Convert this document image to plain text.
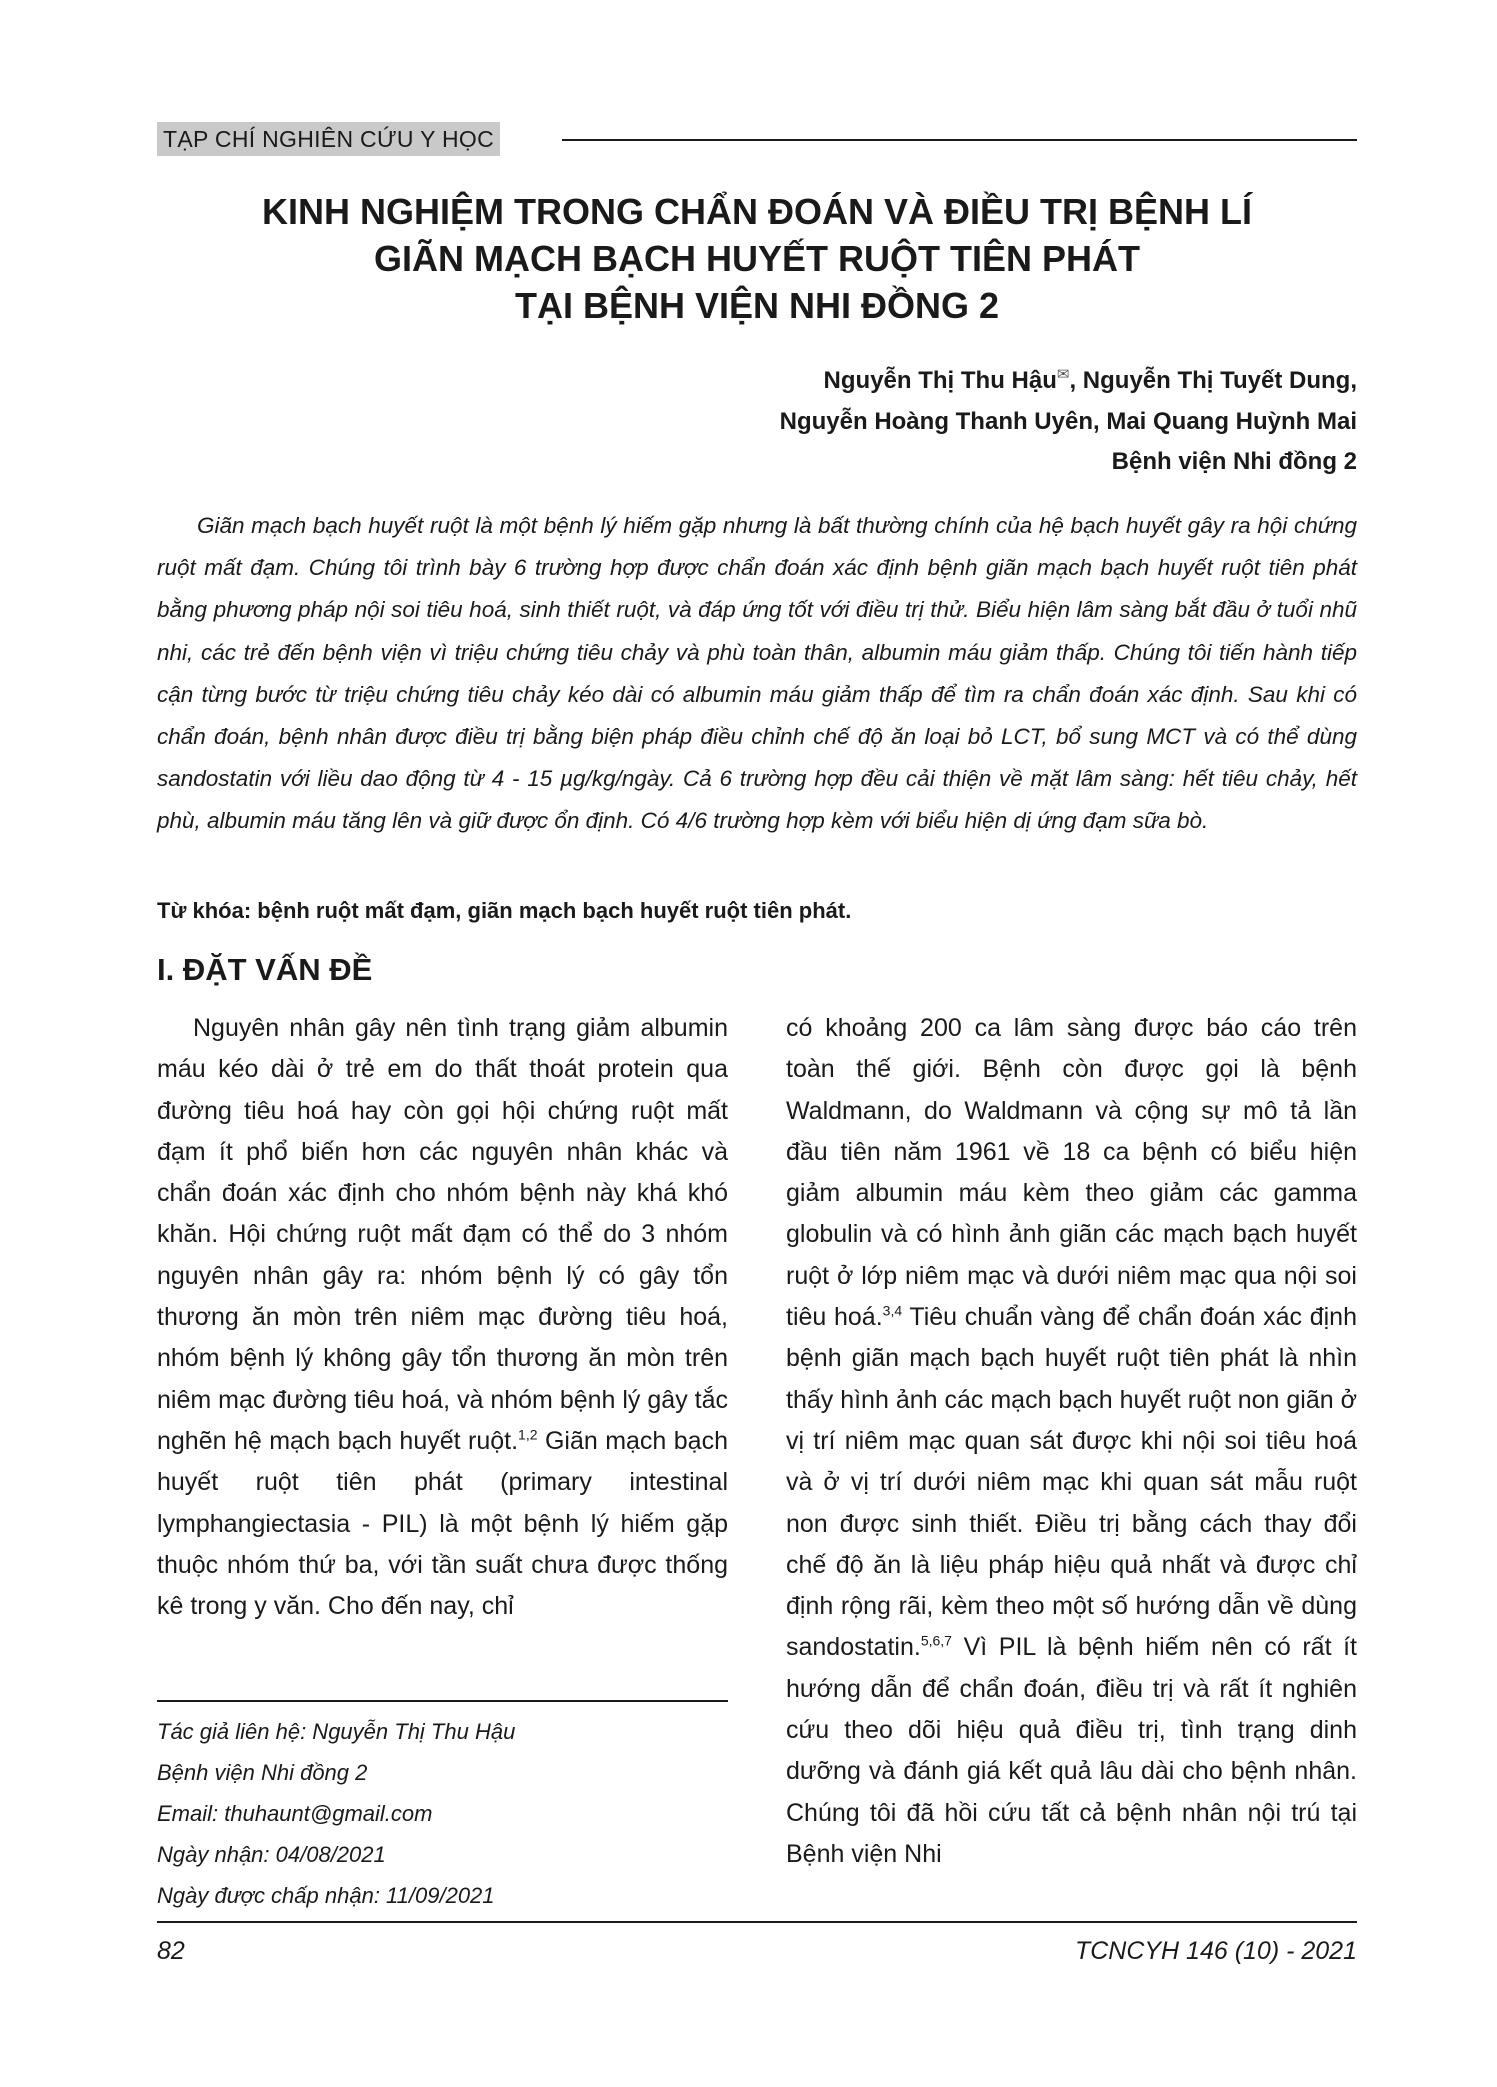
TẠP CHÍ NGHIÊN CỨU Y HỌC
KINH NGHIỆM TRONG CHẨN ĐOÁN VÀ ĐIỀU TRỊ BỆNH LÍ
GIÃN MẠCH BẠCH HUYẾT RUỘT TIÊN PHÁT
TẠI BỆNH VIỆN NHI ĐỒNG 2
Nguyễn Thị Thu Hậu✉, Nguyễn Thị Tuyết Dung,
Nguyễn Hoàng Thanh Uyên, Mai Quang Huỳnh Mai
Bệnh viện Nhi đồng 2

Giãn mạch bạch huyết ruột là một bệnh lý hiếm gặp nhưng là bất thường chính của hệ bạch huyết gây ra hội chứng ruột mất đạm. Chúng tôi trình bày 6 trường hợp được chẩn đoán xác định bệnh giãn mạch bạch huyết ruột tiên phát bằng phương pháp nội soi tiêu hoá, sinh thiết ruột, và đáp ứng tốt với điều trị thử. Biểu hiện lâm sàng bắt đầu ở tuổi nhũ nhi, các trẻ đến bệnh viện vì triệu chứng tiêu chảy và phù toàn thân, albumin máu giảm thấp. Chúng tôi tiến hành tiếp cận từng bước từ triệu chứng tiêu chảy kéo dài có albumin máu giảm thấp để tìm ra chẩn đoán xác định. Sau khi có chẩn đoán, bệnh nhân được điều trị bằng biện pháp điều chỉnh chế độ ăn loại bỏ LCT, bổ sung MCT và có thể dùng sandostatin với liều dao động từ 4 - 15 µg/kg/ngày. Cả 6 trường hợp đều cải thiện về mặt lâm sàng: hết tiêu chảy, hết phù, albumin máu tăng lên và giữ được ổn định. Có 4/6 trường hợp kèm với biểu hiện dị ứng đạm sữa bò.

Từ khóa: bệnh ruột mất đạm, giãn mạch bạch huyết ruột tiên phát.
I. ĐẶT VẤN ĐỀ

Nguyên nhân gây nên tình trạng giảm albumin máu kéo dài ở trẻ em do thất thoát protein qua đường tiêu hoá hay còn gọi hội chứng ruột mất đạm ít phổ biến hơn các nguyên nhân khác và chẩn đoán xác định cho nhóm bệnh này khá khó khăn. Hội chứng ruột mất đạm có thể do 3 nhóm nguyên nhân gây ra: nhóm bệnh lý có gây tổn thương ăn mòn trên niêm mạc đường tiêu hoá, nhóm bệnh lý không gây tổn thương ăn mòn trên niêm mạc đường tiêu hoá, và nhóm bệnh lý gây tắc nghẽn hệ mạch bạch huyết ruột.$^{1,2}$ Giãn mạch bạch huyết ruột tiên phát (primary intestinal lymphangiectasia - PIL) là một bệnh lý hiếm gặp thuộc nhóm thứ ba, với tần suất chưa được thống kê trong y văn. Cho đến nay, chỉ

có khoảng 200 ca lâm sàng được báo cáo trên toàn thế giới. Bệnh còn được gọi là bệnh Waldmann, do Waldmann và cộng sự mô tả lần đầu tiên năm 1961 về 18 ca bệnh có biểu hiện giảm albumin máu kèm theo giảm các gamma globulin và có hình ảnh giãn các mạch bạch huyết ruột ở lớp niêm mạc và dưới niêm mạc qua nội soi tiêu hoá.$^{3,4}$ Tiêu chuẩn vàng để chẩn đoán xác định bệnh giãn mạch bạch huyết ruột tiên phát là nhìn thấy hình ảnh các mạch bạch huyết ruột non giãn ở vị trí niêm mạc quan sát được khi nội soi tiêu hoá và ở vị trí dưới niêm mạc khi quan sát mẫu ruột non được sinh thiết. Điều trị bằng cách thay đổi chế độ ăn là liệu pháp hiệu quả nhất và được chỉ định rộng rãi, kèm theo một số hướng dẫn về dùng sandostatin.$^{5,6,7}$ Vì PIL là bệnh hiếm nên có rất ít hướng dẫn để chẩn đoán, điều trị và rất ít nghiên cứu theo dõi hiệu quả điều trị, tình trạng dinh dưỡng và đánh giá kết quả lâu dài cho bệnh nhân. Chúng tôi đã hồi cứu tất cả bệnh nhân nội trú tại Bệnh viện Nhi

Tác giả liên hệ: Nguyễn Thị Thu Hậu
Bệnh viện Nhi đồng 2
Email: thuhaunt@gmail.com
Ngày nhận: 04/08/2021
Ngày được chấp nhận: 11/09/2021
82	TCNCYH 146 (10) - 2021
